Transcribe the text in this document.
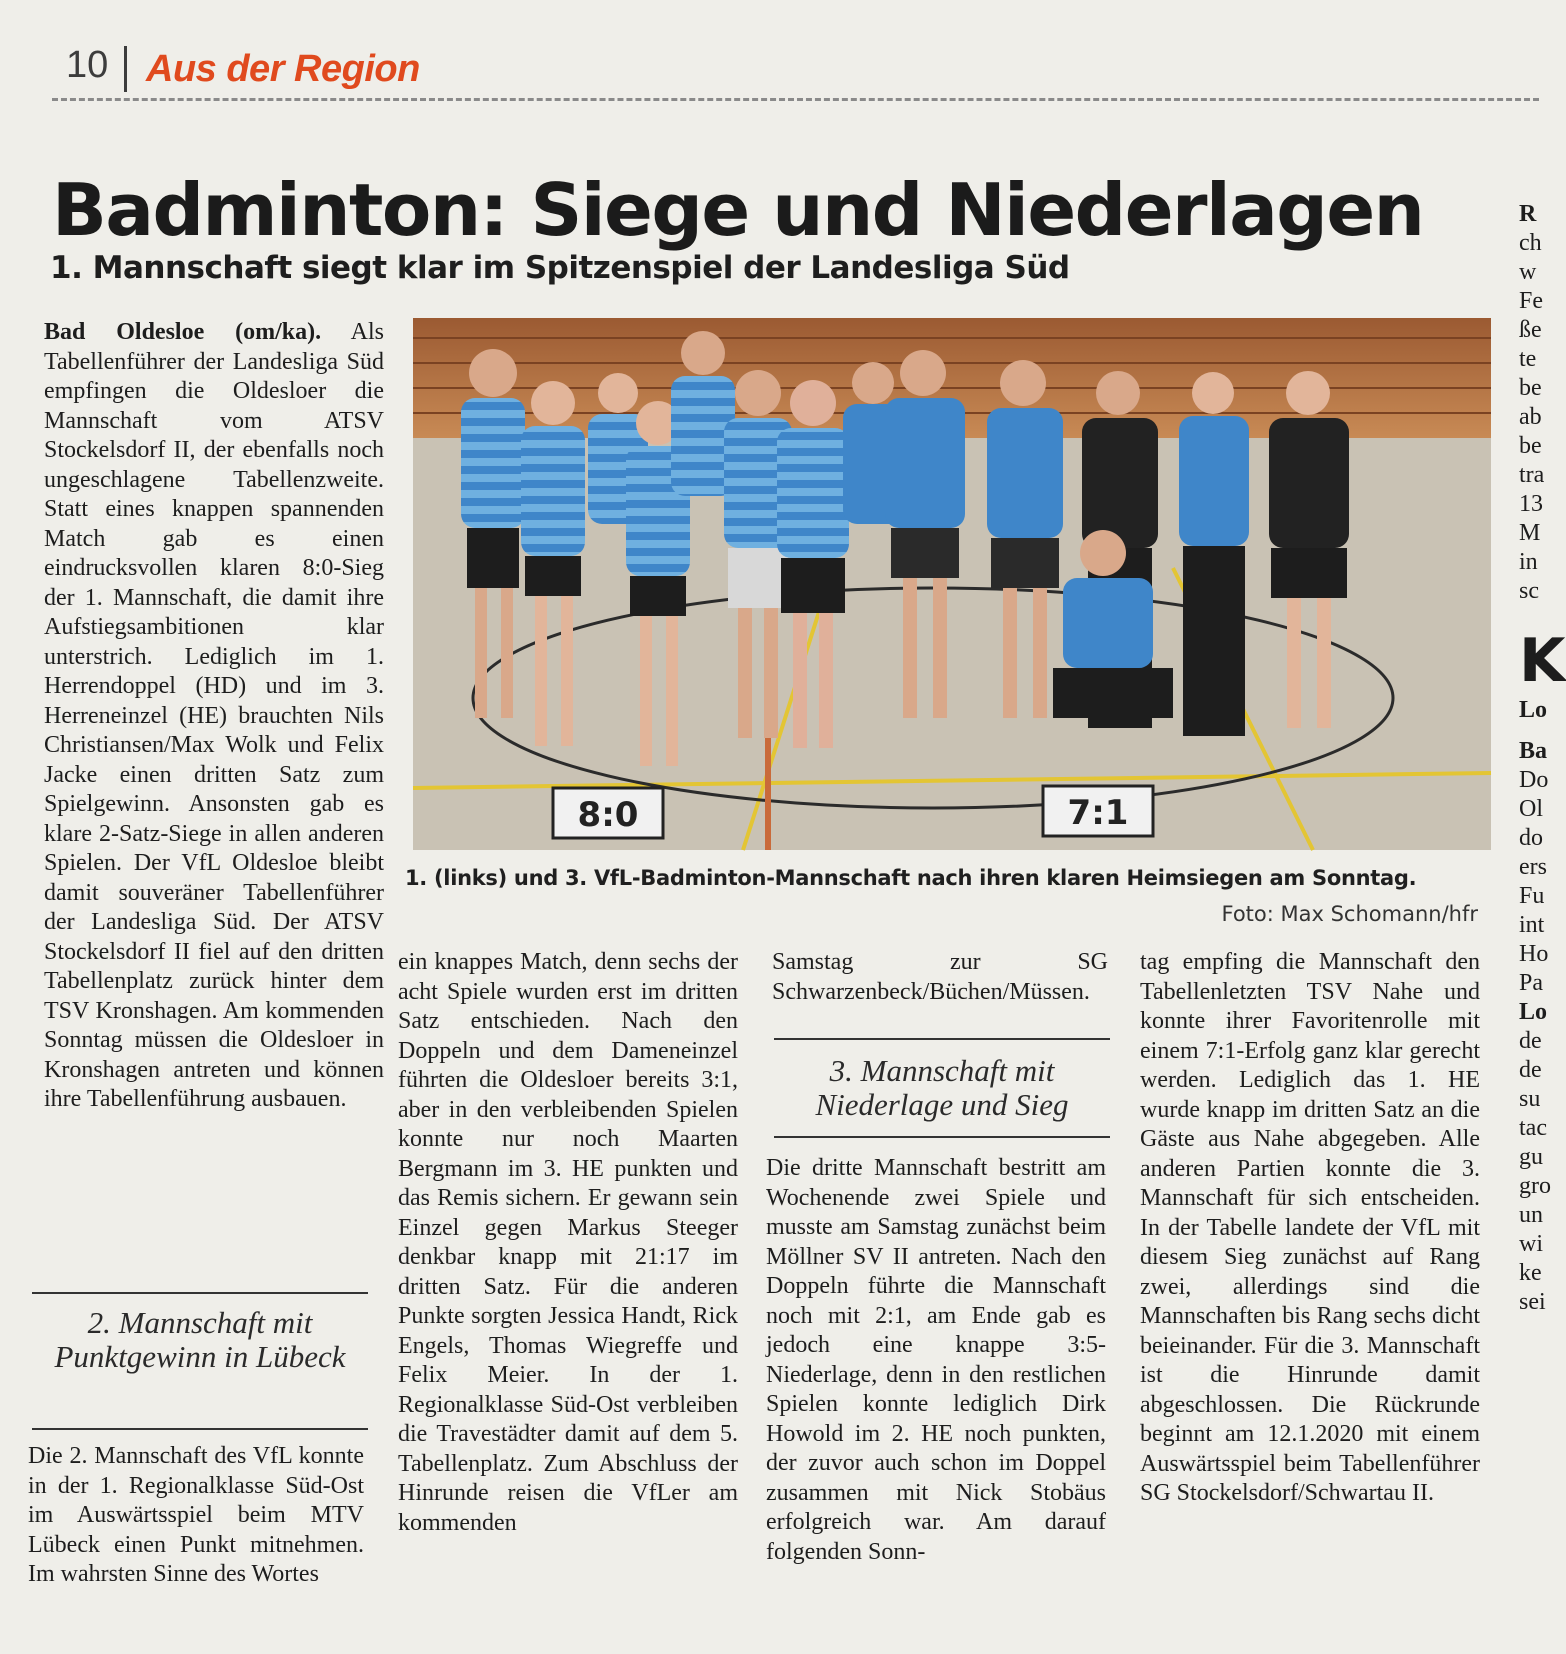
10 Aus der Region
Badminton: Siege und Niederlagen
1. Mannschaft siegt klar im Spitzenspiel der Landesliga Süd

Bad Oldesloe (om/ka). Als Tabellenführer der Landesliga Süd empfingen die Oldesloer die Mannschaft vom ATSV Stockelsdorf II, der ebenfalls noch ungeschlagene Tabellenzweite. Statt eines knappen spannenden Match gab es einen eindrucksvollen klaren 8:0-Sieg der 1. Mannschaft, die damit ihre Aufstiegsambitionen klar unterstrich. Lediglich im 1. Herrendoppel (HD) und im 3. Herreneinzel (HE) brauchten Nils Christiansen/Max Wolk und Felix Jacke einen dritten Satz zum Spielgewinn. Ansonsten gab es klare 2-Satz-Siege in allen anderen Spielen. Der VfL Oldesloe bleibt damit souveräner Tabellenführer der Landesliga Süd. Der ATSV Stockelsdorf II fiel auf den dritten Tabellenplatz zurück hinter dem TSV Kronshagen. Am kommenden Sonntag müssen die Oldesloer in Kronshagen antreten und können ihre Tabellenführung ausbauen.

2. Mannschaft mit Punktgewinn in Lübeck

Die 2. Mannschaft des VfL konnte in der 1. Regionalklasse Süd-Ost im Auswärtsspiel beim MTV Lübeck einen Punkt mitnehmen. Im wahrsten Sinne des Wortes

8:0	7:1
1. (links) und 3. VfL-Badminton-Mannschaft nach ihren klaren Heimsiegen am Sonntag.
Foto: Max Schomann/hfr

ein knappes Match, denn sechs der acht Spiele wurden erst im dritten Satz entschieden. Nach den Doppeln und dem Dameneinzel führten die Oldesloer bereits 3:1, aber in den verbleibenden Spielen konnte nur noch Maarten Bergmann im 3. HE punkten und das Remis sichern. Er gewann sein Einzel gegen Markus Steeger denkbar knapp mit 21:17 im dritten Satz. Für die anderen Punkte sorgten Jessica Handt, Rick Engels, Thomas Wiegreffe und Felix Meier. In der 1. Regionalklasse Süd-Ost verbleiben die Travestädter damit auf dem 5. Tabellenplatz. Zum Abschluss der Hinrunde reisen die VfLer am kommenden

Samstag zur SG Schwarzenbeck/Büchen/Müssen.

3. Mannschaft mit Niederlage und Sieg

Die dritte Mannschaft bestritt am Wochenende zwei Spiele und musste am Samstag zunächst beim Möllner SV II antreten. Nach den Doppeln führte die Mannschaft noch mit 2:1, am Ende gab es jedoch eine knappe 3:5-Niederlage, denn in den restlichen Spielen konnte lediglich Dirk Howold im 2. HE noch punkten, der zuvor auch schon im Doppel zusammen mit Nick Stobäus erfolgreich war. Am darauf folgenden Sonn-

tag empfing die Mannschaft den Tabellenletzten TSV Nahe und konnte ihrer Favoritenrolle mit einem 7:1-Erfolg ganz klar gerecht werden. Lediglich das 1. HE wurde knapp im dritten Satz an die Gäste aus Nahe abgegeben. Alle anderen Partien konnte die 3. Mannschaft für sich entscheiden. In der Tabelle landete der VfL mit diesem Sieg zunächst auf Rang zwei, allerdings sind die Mannschaften bis Rang sechs dicht beieinander. Für die 3. Mannschaft ist die Hinrunde damit abgeschlossen. Die Rückrunde beginnt am 12.1.2020 mit einem Auswärtsspiel beim Tabellenführer SG Stockelsdorf/Schwartau II.

R
ch
w
Fe
ße
te
be
ab
be
tra
13
M
in
sc
K
Lo
Ba
Do
Ol
do
ers
Fu
int
Ho
Pa
Lo
de
de
su
tac
gu
gro
un
wi
ke
sei
